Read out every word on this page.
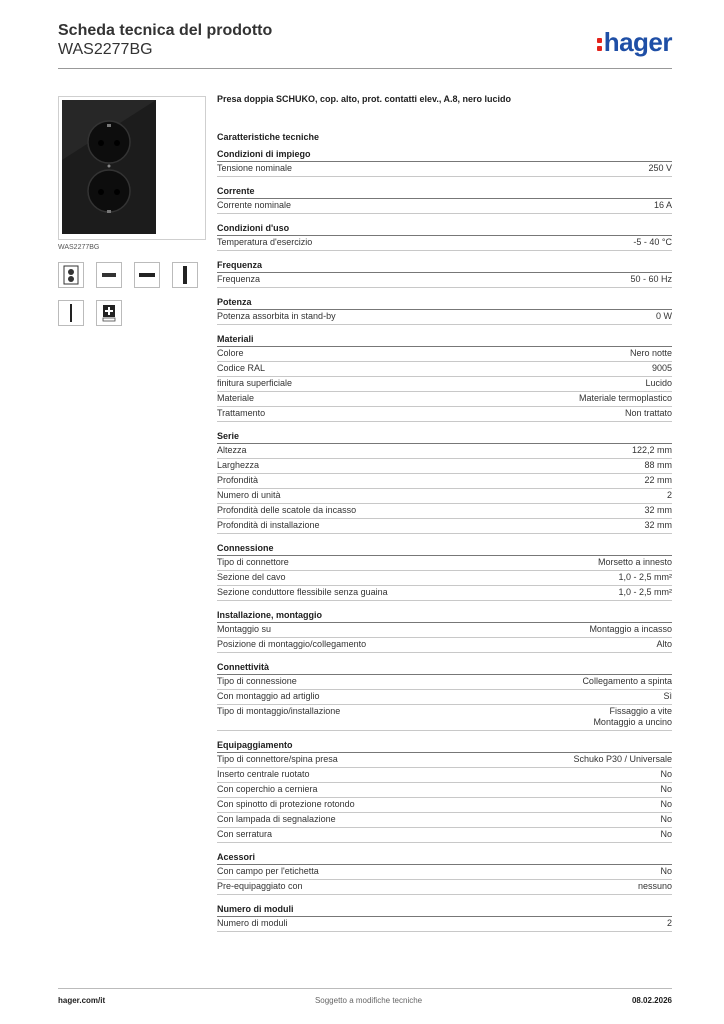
Scheda tecnica del prodotto
WAS2277BG	hager
WAS2277BG
Presa doppia SCHUKO, cop. alto, prot. contatti elev., A.8, nero lucido
Caratteristiche tecniche
Condizioni di impiego
Tensione nominale	250 V
Corrente
Corrente nominale	16 A
Condizioni d'uso
Temperatura d'esercizio	-5 - 40 °C
Frequenza
Frequenza	50 - 60 Hz
Potenza
Potenza assorbita in stand-by	0 W
Materiali
Colore	Nero notte
Codice RAL	9005
finitura superficiale	Lucido
Materiale	Materiale termoplastico
Trattamento	Non trattato
Serie
Altezza	122,2 mm
Larghezza	88 mm
Profondità	22 mm
Numero di unità	2
Profondità delle scatole da incasso	32 mm
Profondità di installazione	32 mm
Connessione
Tipo di connettore	Morsetto a innesto
Sezione del cavo	1,0 - 2,5 mm²
Sezione conduttore flessibile senza guaina	1,0 - 2,5 mm²
Installazione, montaggio
Montaggio su	Montaggio a incasso
Posizione di montaggio/collegamento	Alto
Connettività
Tipo di connessione	Collegamento a spinta
Con montaggio ad artiglio	Sì
Tipo di montaggio/installazione	Fissaggio a vite
Montaggio a uncino
Equipaggiamento
Tipo di connettore/spina presa	Schuko P30 / Universale
Inserto centrale ruotato	No
Con coperchio a cerniera	No
Con spinotto di protezione rotondo	No
Con lampada di segnalazione	No
Con serratura	No
Acessori
Con campo per l'etichetta	No
Pre-equipaggiato con	nessuno
Numero di moduli
Numero di moduli	2
hager.com/it	Soggetto a modifiche tecniche	08.02.2026
